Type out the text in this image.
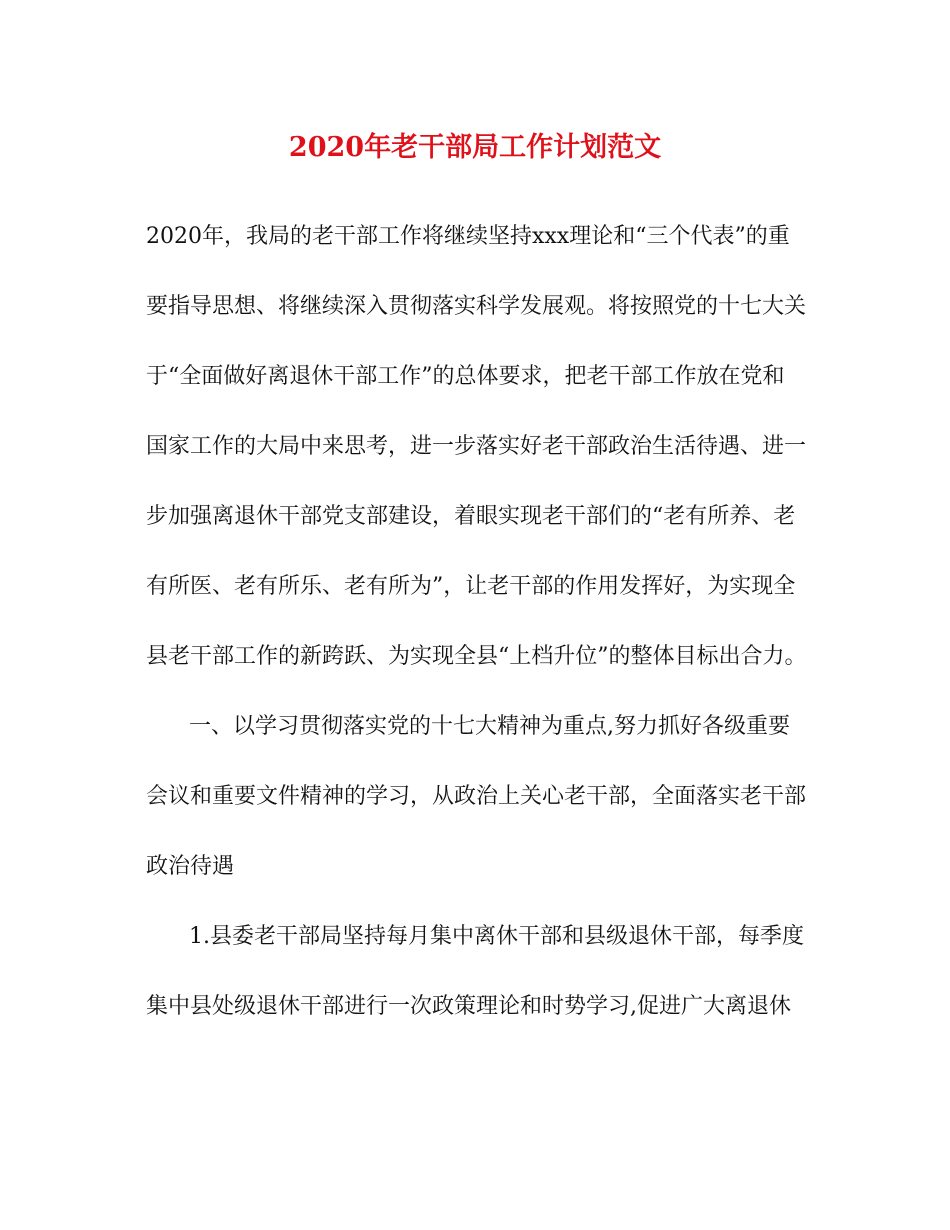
2020年老干部局工作计划范文
2020年，我局的老干部工作将继续坚持xxx理论和“三个代表”的重
要指导思想、将继续深入贯彻落实科学发展观。将按照党的十七大关
于“全面做好离退休干部工作”的总体要求，把老干部工作放在党和
国家工作的大局中来思考，进一步落实好老干部政治生活待遇、进一
步加强离退休干部党支部建设，着眼实现老干部们的“老有所养、老
有所医、老有所乐、老有所为”，让老干部的作用发挥好，为实现全
县老干部工作的新跨跃、为实现全县“上档升位”的整体目标出合力。
一、以学习贯彻落实党的十七大精神为重点,努力抓好各级重要
会议和重要文件精神的学习，从政治上关心老干部，全面落实老干部
政治待遇
1.县委老干部局坚持每月集中离休干部和县级退休干部，每季度
集中县处级退休干部进行一次政策理论和时势学习,促进广大离退休
